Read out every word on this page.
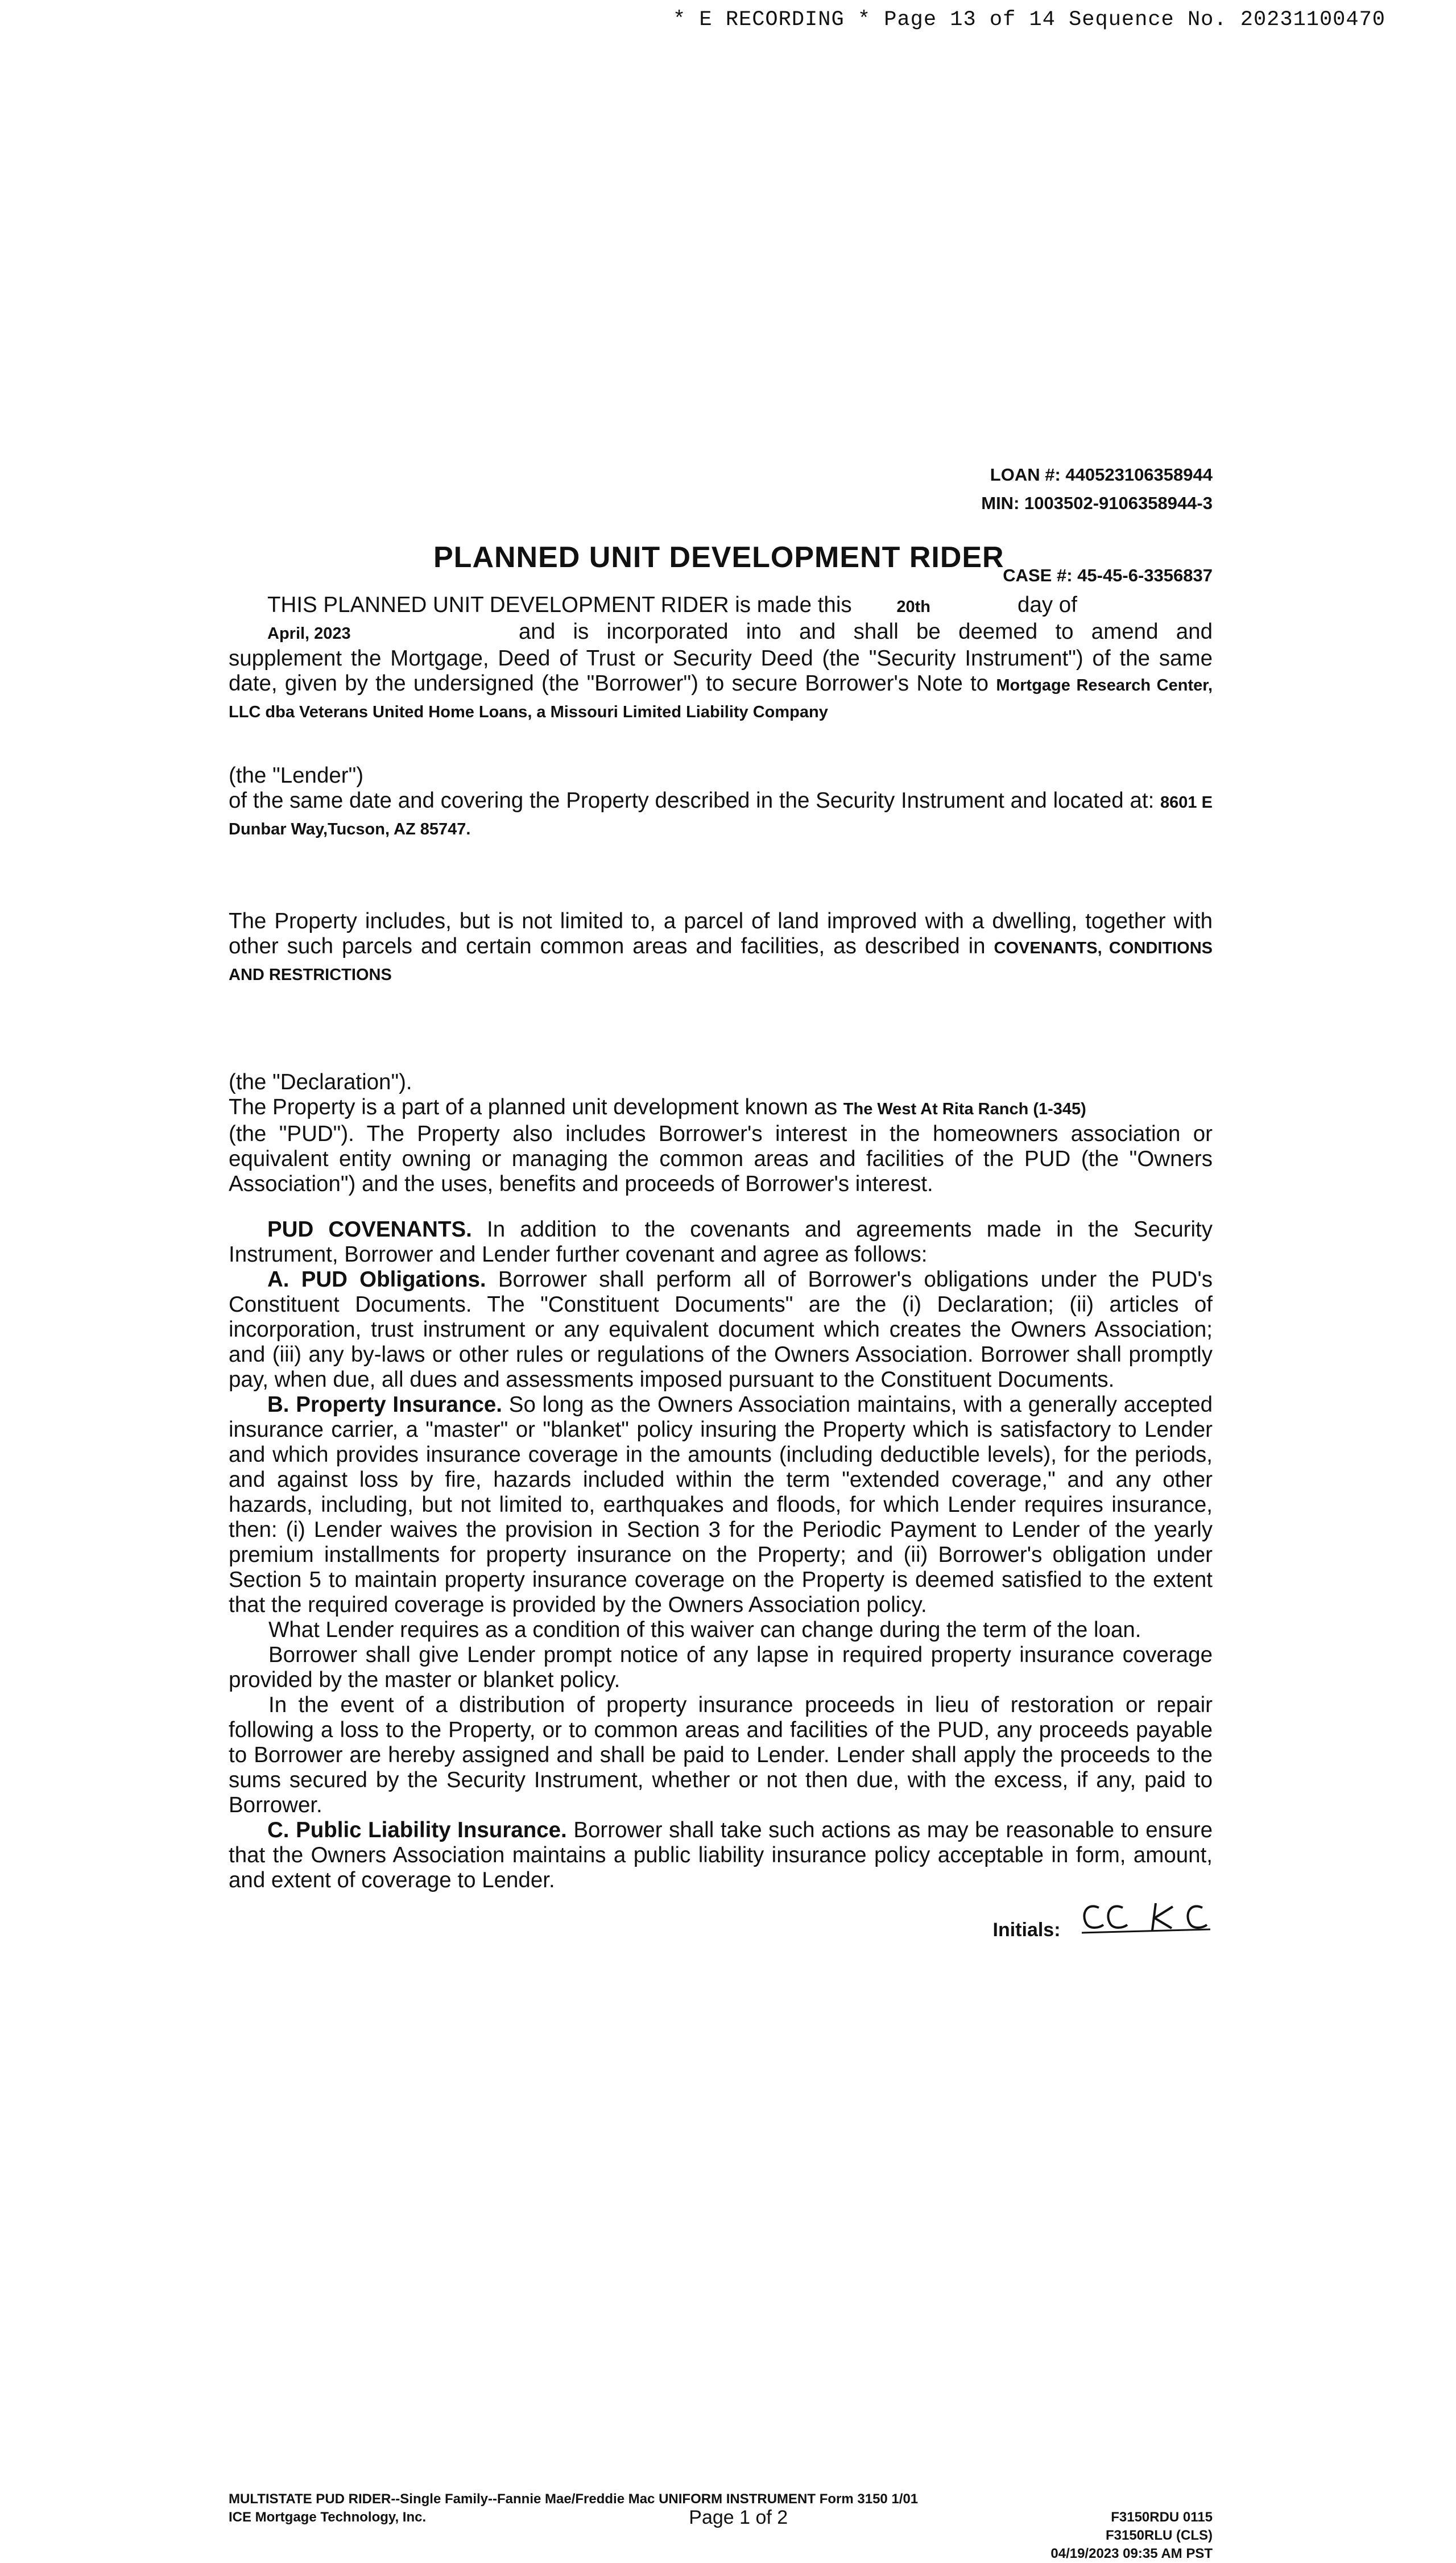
* E RECORDING * Page 13 of 14 Sequence No. 20231100470
LOAN #: 440523106358944
MIN: 1003502-9106358944-3
PLANNED UNIT DEVELOPMENT RIDER
CASE #: 45-45-6-3356837

THIS PLANNED UNIT DEVELOPMENT RIDER is made this	20th	day of
April, 2023	and is incorporated into and shall be deemed to amend and supplement the Mortgage, Deed of Trust or Security Deed (the "Security Instrument") of the same date, given by the undersigned (the "Borrower") to secure Borrower's Note to Mortgage Research Center, LLC dba Veterans United Home Loans, a Missouri Limited Liability Company

(the "Lender")

of the same date and covering the Property described in the Security Instrument and located at: 8601 E Dunbar Way,Tucson, AZ 85747.

The Property includes, but is not limited to, a parcel of land improved with a dwelling, together with other such parcels and certain common areas and facilities, as described in COVENANTS, CONDITIONS AND RESTRICTIONS

(the "Declaration").

The Property is a part of a planned unit development known as The West At Rita Ranch (1-345)
(the "PUD"). The Property also includes Borrower's interest in the homeowners association or equivalent entity owning or managing the common areas and facilities of the PUD (the "Owners Association") and the uses, benefits and proceeds of Borrower's interest.

PUD COVENANTS. In addition to the covenants and agreements made in the Security Instrument, Borrower and Lender further covenant and agree as follows:

A. PUD Obligations. Borrower shall perform all of Borrower's obligations under the PUD's Constituent Documents. The "Constituent Documents" are the (i) Declaration; (ii) articles of incorporation, trust instrument or any equivalent document which creates the Owners Association; and (iii) any by-laws or other rules or regulations of the Owners Association. Borrower shall promptly pay, when due, all dues and assessments imposed pursuant to the Constituent Documents.

B. Property Insurance. So long as the Owners Association maintains, with a generally accepted insurance carrier, a "master" or "blanket" policy insuring the Property which is satisfactory to Lender and which provides insurance coverage in the amounts (including deductible levels), for the periods, and against loss by fire, hazards included within the term "extended coverage," and any other hazards, including, but not limited to, earthquakes and floods, for which Lender requires insurance, then: (i) Lender waives the provision in Section 3 for the Periodic Payment to Lender of the yearly premium installments for property insurance on the Property; and (ii) Borrower's obligation under Section 5 to maintain property insurance coverage on the Property is deemed satisfied to the extent that the required coverage is provided by the Owners Association policy.

What Lender requires as a condition of this waiver can change during the term of the loan.

Borrower shall give Lender prompt notice of any lapse in required property insurance coverage provided by the master or blanket policy.

In the event of a distribution of property insurance proceeds in lieu of restoration or repair following a loss to the Property, or to common areas and facilities of the PUD, any proceeds payable to Borrower are hereby assigned and shall be paid to Lender. Lender shall apply the proceeds to the sums secured by the Security Instrument, whether or not then due, with the excess, if any, paid to Borrower.

C. Public Liability Insurance. Borrower shall take such actions as may be reasonable to ensure that the Owners Association maintains a public liability insurance policy acceptable in form, amount, and extent of coverage to Lender.

Initials:
MULTISTATE PUD RIDER--Single Family--Fannie Mae/Freddie Mac UNIFORM INSTRUMENT Form 3150 1/01
ICE Mortgage Technology, Inc.	Page 1 of 2	F3150RDU 0115
F3150RLU (CLS)
04/19/2023 09:35 AM PST
